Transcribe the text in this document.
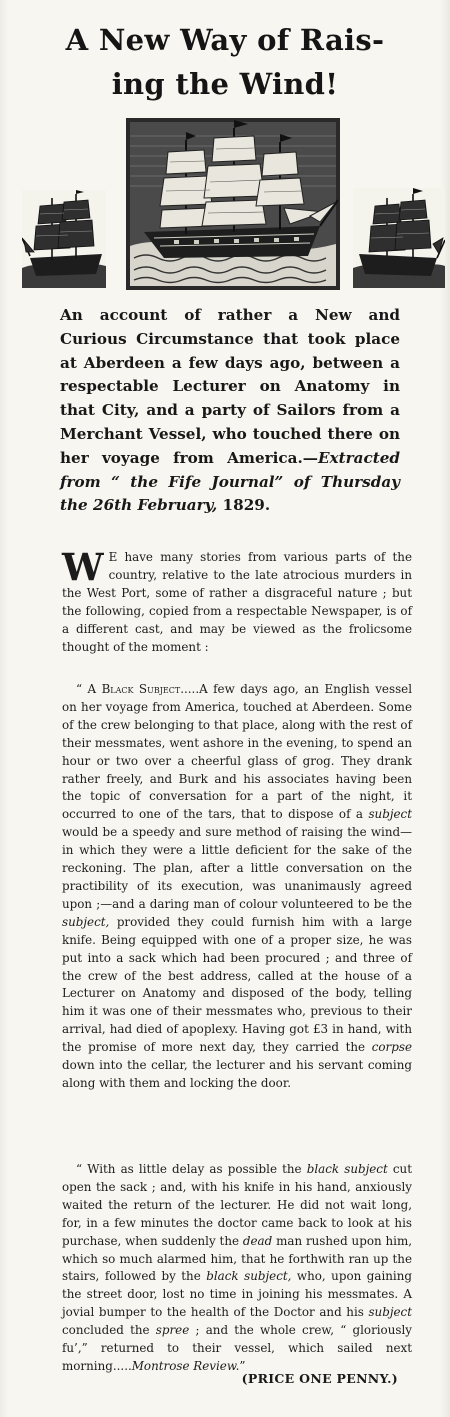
A New Way of Rais-
ing the Wind!

An account of rather a New and Curious Circumstance that took place at Aberdeen a few days ago, between a respectable Lecturer on Anatomy in that City, and a party of Sailors from a Merchant Vessel, who touched there on her voyage from America.—Extracted from “ the Fife Journal” of Thursday the 26th February, 1829.

W E have many stories from various parts of the country, relative to the late atrocious murders in the West Port, some of rather a disgraceful nature ; but the following, copied from a respectable Newspaper, is of a different cast, and may be viewed as the frolicsome thought of the moment :

“ A Black Subject.....A few days ago, an English vessel on her voyage from America, touched at Aberdeen. Some of the crew belonging to that place, along with the rest of their messmates, went ashore in the evening, to spend an hour or two over a cheerful glass of grog. They drank rather freely, and Burk and his associates having been the topic of conversation for a part of the night, it occurred to one of the tars, that to dispose of a subject would be a speedy and sure method of raising the wind—in which they were a little deficient for the sake of the reckoning. The plan, after a little conversation on the practibility of its execution, was unanimausly agreed upon ;—and a daring man of colour volunteered to be the subject, provided they could furnish him with a large knife. Being equipped with one of a proper size, he was put into a sack which had been procured ; and three of the crew of the best address, called at the house of a Lecturer on Anatomy and disposed of the body, telling him it was one of their messmates who, previous to their arrival, had died of apoplexy. Having got £3 in hand, with the promise of more next day, they carried the corpse down into the cellar, the lecturer and his servant coming along with them and locking the door.

“ With as little delay as possible the black subject cut open the sack ; and, with his knife in his hand, anxiously waited the return of the lecturer. He did not wait long, for, in a few minutes the doctor came back to look at his purchase, when suddenly the dead man rushed upon him, which so much alarmed him, that he forthwith ran up the stairs, followed by the black subject, who, upon gaining the street door, lost no time in joining his messmates. A jovial bumper to the health of the Doctor and his subject concluded the spree ; and the whole crew, “ gloriously fu’,” returned to their vessel, which sailed next morning.....Montrose Review.”

(PRICE ONE PENNY.)
